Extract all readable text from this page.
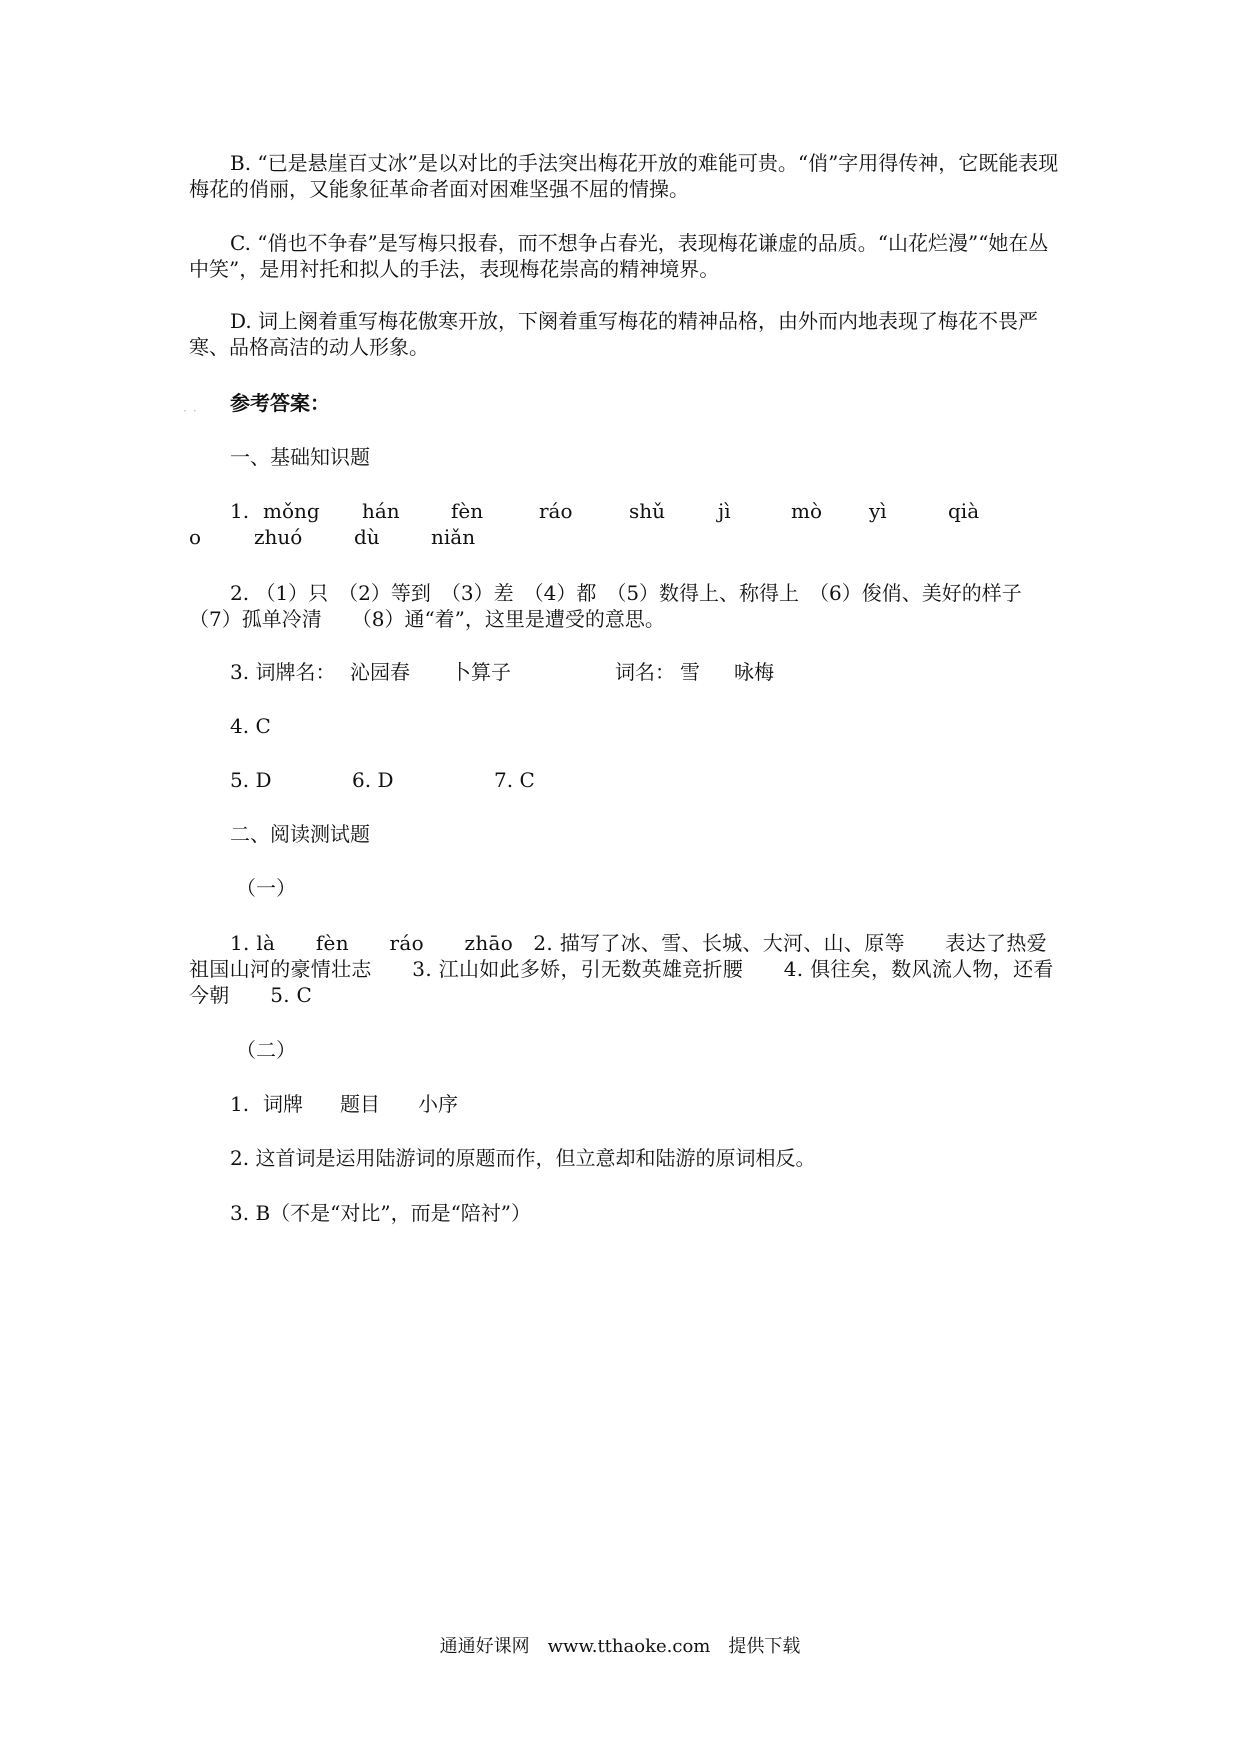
B. “已是悬崖百丈冰”是以对比的手法突出梅花开放的难能可贵。“俏”字用得传神，它既能表现梅花的俏丽，又能象征革命者面对困难坚强不屈的情操。

C. “俏也不争春”是写梅只报春，而不想争占春光，表现梅花谦虚的品质。“山花烂漫”“她在丛中笑”，是用衬托和拟人的手法，表现梅花崇高的精神境界。

D. 词上阕着重写梅花傲寒开放，下阕着重写梅花的精神品格，由外而内地表现了梅花不畏严寒、品格高洁的动人形象。

·· 参考答案：
一、基础知识题
1. mǒng hán	fèn	ráo	shǔ	jì	mò yì	qià
o	zhuó	dù	niǎn

2. （1）只　（2）等到　（3）差　（4）都　（5）数得上、称得上　（6）俊俏、美好的样子　（7）孤单冷清　　（8）通“着”，这里是遭受的意思。

3. 词牌名： 沁园春 卜算子	词名： 雪 咏梅
4. C
5. D	6. D	7. C
二、阅读测试题
（一）

1. là　　fèn　　ráo　　zhāo　2. 描写了冰、雪、长城、大河、山、原等　　表达了热爱祖国山河的豪情壮志　　3. 江山如此多娇，引无数英雄竞折腰　　4. 俱往矣，数风流人物，还看今朝　　5. C

（二）
1. 词牌 题目 小序
2. 这首词是运用陆游词的原题而作，但立意却和陆游的原词相反。
3. B（不是“对比”，而是“陪衬”）
通通好课网　www.tthaoke.com　提供下载
